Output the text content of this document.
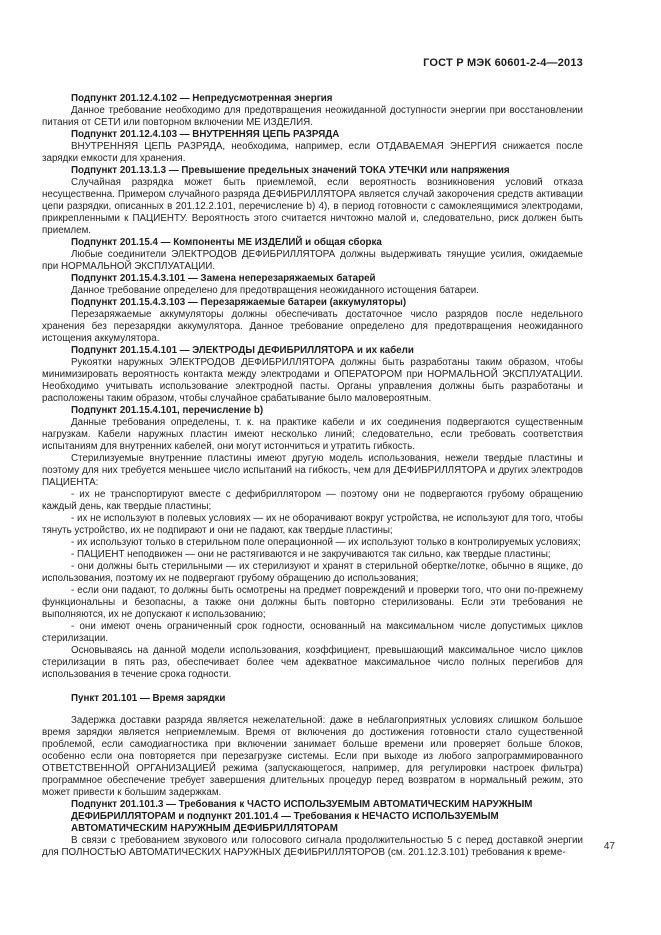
ГОСТ Р МЭК 60601-2-4—2013

Подпункт 201.12.4.102 — Непредусмотренная энергия

Данное требование необходимо для предотвращения неожиданной доступности энергии при восстановлении питания от СЕТИ или повторном включении МЕ ИЗДЕЛИЯ.

Подпункт 201.12.4.103 — ВНУТРЕННЯЯ ЦЕПЬ РАЗРЯДА

ВНУТРЕННЯЯ ЦЕПЬ РАЗРЯДА, необходима, например, если ОТДАВАЕМАЯ ЭНЕРГИЯ снижается после зарядки емкости для хранения.

Подпункт 201.13.1.3 — Превышение предельных значений ТОКА УТЕЧКИ или напряжения

Случайная разрядка может быть приемлемой, если вероятность возникновения условий отказа несущественна. Примером случайного разряда ДЕФИБРИЛЛЯТОРА является случай закорочения средств активации цепи разрядки, описанных в 201.12.2.101, перечисление b) 4), в период готовности с самоклеящимися электродами, прикрепленными к ПАЦИЕНТУ. Вероятность этого считается ничтожно малой и, следовательно, риск должен быть приемлем.

Подпункт 201.15.4 — Компоненты МЕ ИЗДЕЛИЙ и общая сборка

Любые соединители ЭЛЕКТРОДОВ ДЕФИБРИЛЛЯТОРА должны выдерживать тянущие усилия, ожидаемые при НОРМАЛЬНОЙ ЭКСПЛУАТАЦИИ.

Подпункт 201.15.4.3.101 — Замена неперезаряжаемых батарей

Данное требование определено для предотвращения неожиданного истощения батареи.

Подпункт 201.15.4.3.103 — Перезаряжаемые батареи (аккумуляторы)

Перезаряжаемые аккумуляторы должны обеспечивать достаточное число разрядов после недельного хранения без перезарядки аккумулятора. Данное требование определено для предотвращения неожиданного истощения аккумулятора.

Подпункт 201.15.4.101 — ЭЛЕКТРОДЫ ДЕФИБРИЛЛЯТОРА и их кабели

Рукоятки наружных ЭЛЕКТРОДОВ ДЕФИБРИЛЛЯТОРА должны быть разработаны таким образом, чтобы минимизировать вероятность контакта между электродами и ОПЕРАТОРОМ при НОРМАЛЬНОЙ ЭКСПЛУАТАЦИИ. Необходимо учитывать использование электродной пасты. Органы управления должны быть разработаны и расположены таким образом, чтобы случайное срабатывание было маловероятным.

Подпункт 201.15.4.101, перечисление b)

Данные требования определены, т. к. на практике кабели и их соединения подвергаются существенным нагрузкам. Кабели наружных пластин имеют несколько линий; следовательно, если требовать соответствия испытаниям для внутренних кабелей, они могут истончиться и утратить гибкость.

Стерилизуемые внутренние пластины имеют другую модель использования, нежели твердые пластины и поэтому для них требуется меньшее число испытаний на гибкость, чем для ДЕФИБРИЛЛЯТОРА и других электродов ПАЦИЕНТА:

- их не транспортируют вместе с дефибриллятором — поэтому они не подвергаются грубому обращению каждый день, как твердые пластины;

- их не используют в полевых условиях — их не оборачивают вокруг устройства, не используют для того, чтобы тянуть устройство, их не подпирают и они не падают, как твердые пластины;

- их используют только в стерильном поле операционной — их используют только в контролируемых условиях;

- ПАЦИЕНТ неподвижен — они не растягиваются и не закручиваются так сильно, как твердые пластины;

- они должны быть стерильными — их стерилизуют и хранят в стерильной обертке/лотке, обычно в ящике, до использования, поэтому их не подвергают грубому обращению до использования;

- если они падают, то должны быть осмотрены на предмет повреждений и проверки того, что они по-прежнему функциональны и безопасны, а также они должны быть повторно стерилизованы. Если эти требования не выполняются, их не допускают к использованию;

- они имеют очень ограниченный срок годности, основанный на максимальном числе допустимых циклов стерилизации.

Основываясь на данной модели использования, коэффициент, превышающий максимальное число циклов стерилизации в пять раз, обеспечивает более чем адекватное максимальное число полных перегибов для использования в течение срока годности.

Пункт 201.101 — Время зарядки

Задержка доставки разряда является нежелательной: даже в неблагоприятных условиях слишком большое время зарядки является неприемлемым. Время от включения до достижения готовности стало существенной проблемой, если самодиагностика при включении занимает больше времени или проверяет больше блоков, особенно если она повторяется при перезагрузке системы. Если при выходе из любого запрограммированного ОТВЕТСТВЕННОЙ ОРГАНИЗАЦИЕЙ режима (запускающегося, например, для регулировки настроек фильтра) программное обеспечение требует завершения длительных процедур перед возвратом в нормальный режим, это может привести к большим задержкам.

Подпункт 201.101.3 — Требования к ЧАСТО ИСПОЛЬЗУЕМЫМ АВТОМАТИЧЕСКИМ НАРУЖНЫМ ДЕФИБРИЛЛЯТОРАМ и подпункт 201.101.4 — Требования к НЕЧАСТО ИСПОЛЬЗУЕМЫМ АВТОМАТИЧЕСКИМ НАРУЖНЫМ ДЕФИБРИЛЛЯТОРАМ

В связи с требованием звукового или голосового сигнала продолжительностью 5 с перед доставкой энергии для ПОЛНОСТЬЮ АВТОМАТИЧЕСКИХ НАРУЖНЫХ ДЕФИБРИЛЛЯТОРОВ (см. 201.12.3.101) требования к време-

47
